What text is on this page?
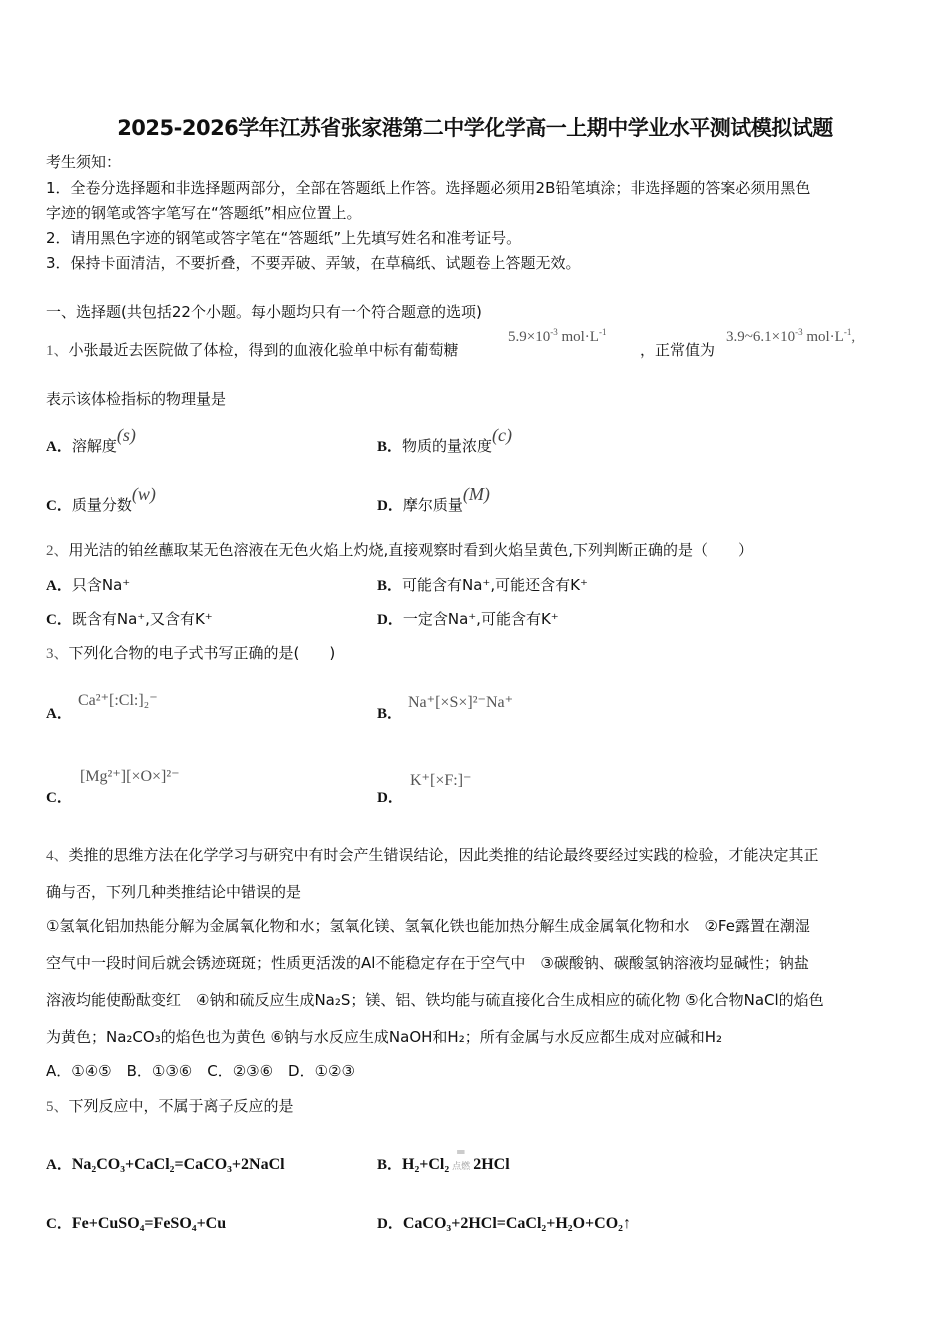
2025-2026学年江苏省张家港第二中学化学高一上期中学业水平测试模拟试题
考生须知：
1．全卷分选择题和非选择题两部分，全部在答题纸上作答。选择题必须用2B铅笔填涂；非选择题的答案必须用黑色
字迹的钢笔或答字笔写在“答题纸”相应位置上。
2．请用黑色字迹的钢笔或答字笔在“答题纸”上先填写姓名和准考证号。
3．保持卡面清洁，不要折叠，不要弄破、弄皱，在草稿纸、试题卷上答题无效。
一、选择题(共包括22个小题。每小题均只有一个符合题意的选项)
1、小张最近去医院做了体检，得到的血液化验单中标有葡萄糖
$5.9\times 10^{-3}$ $mol\cdot L^{-1}$
，正常值为
$3.9\sim 6.1\times 10^{-3}$ $mol\cdot L^{-1}$,
表示该体检指标的物理量是
A．溶解度(s)
B．物质的量浓度(c)
C．质量分数(w)
D．摩尔质量(M)
2、用光洁的铂丝蘸取某无色溶液在无色火焰上灼烧,直接观察时看到火焰呈黄色,下列判断正确的是（　　）
A．只含Na⁺	B．可能含有Na⁺,可能还含有K⁺
C．既含有Na⁺,又含有K⁺	D．一定含Na⁺,可能含有K⁺
3、下列化合物的电子式书写正确的是(　　)
A．
Ca²⁺[:Cl:]₂⁻
B．
Na⁺[×S×]²⁻Na⁺
C．
[Mg²⁺][×O×]²⁻
D．
K⁺[×F:]⁻
4、类推的思维方法在化学学习与研究中有时会产生错误结论，因此类推的结论最终要经过实践的检验，才能决定其正
确与否，下列几种类推结论中错误的是
①氢氧化铝加热能分解为金属氧化物和水；氢氧化镁、氢氧化铁也能加热分解生成金属氧化物和水　②Fe露置在潮湿
空气中一段时间后就会锈迹斑斑；性质更活泼的Al不能稳定存在于空气中　③碳酸钠、碳酸氢钠溶液均显碱性；钠盐
溶液均能使酚酞变红　④钠和硫反应生成Na₂S；镁、铝、铁均能与硫直接化合生成相应的硫化物 ⑤化合物NaCl的焰色
为黄色；Na₂CO₃的焰色也为黄色 ⑥钠与水反应生成NaOH和H₂；所有金属与水反应都生成对应碱和H₂
A．①④⑤　B．①③⑥　C．②③⑥　D．①②③
5、下列反应中，不属于离子反应的是
A．Na₂CO₃+CaCl₂=CaCO₃+2NaCl	B．H₂+Cl₂
═
点燃 2HCl
C．Fe+CuSO₄=FeSO₄+Cu	D．CaCO₃+2HCl=CaCl₂+H₂O+CO₂↑
